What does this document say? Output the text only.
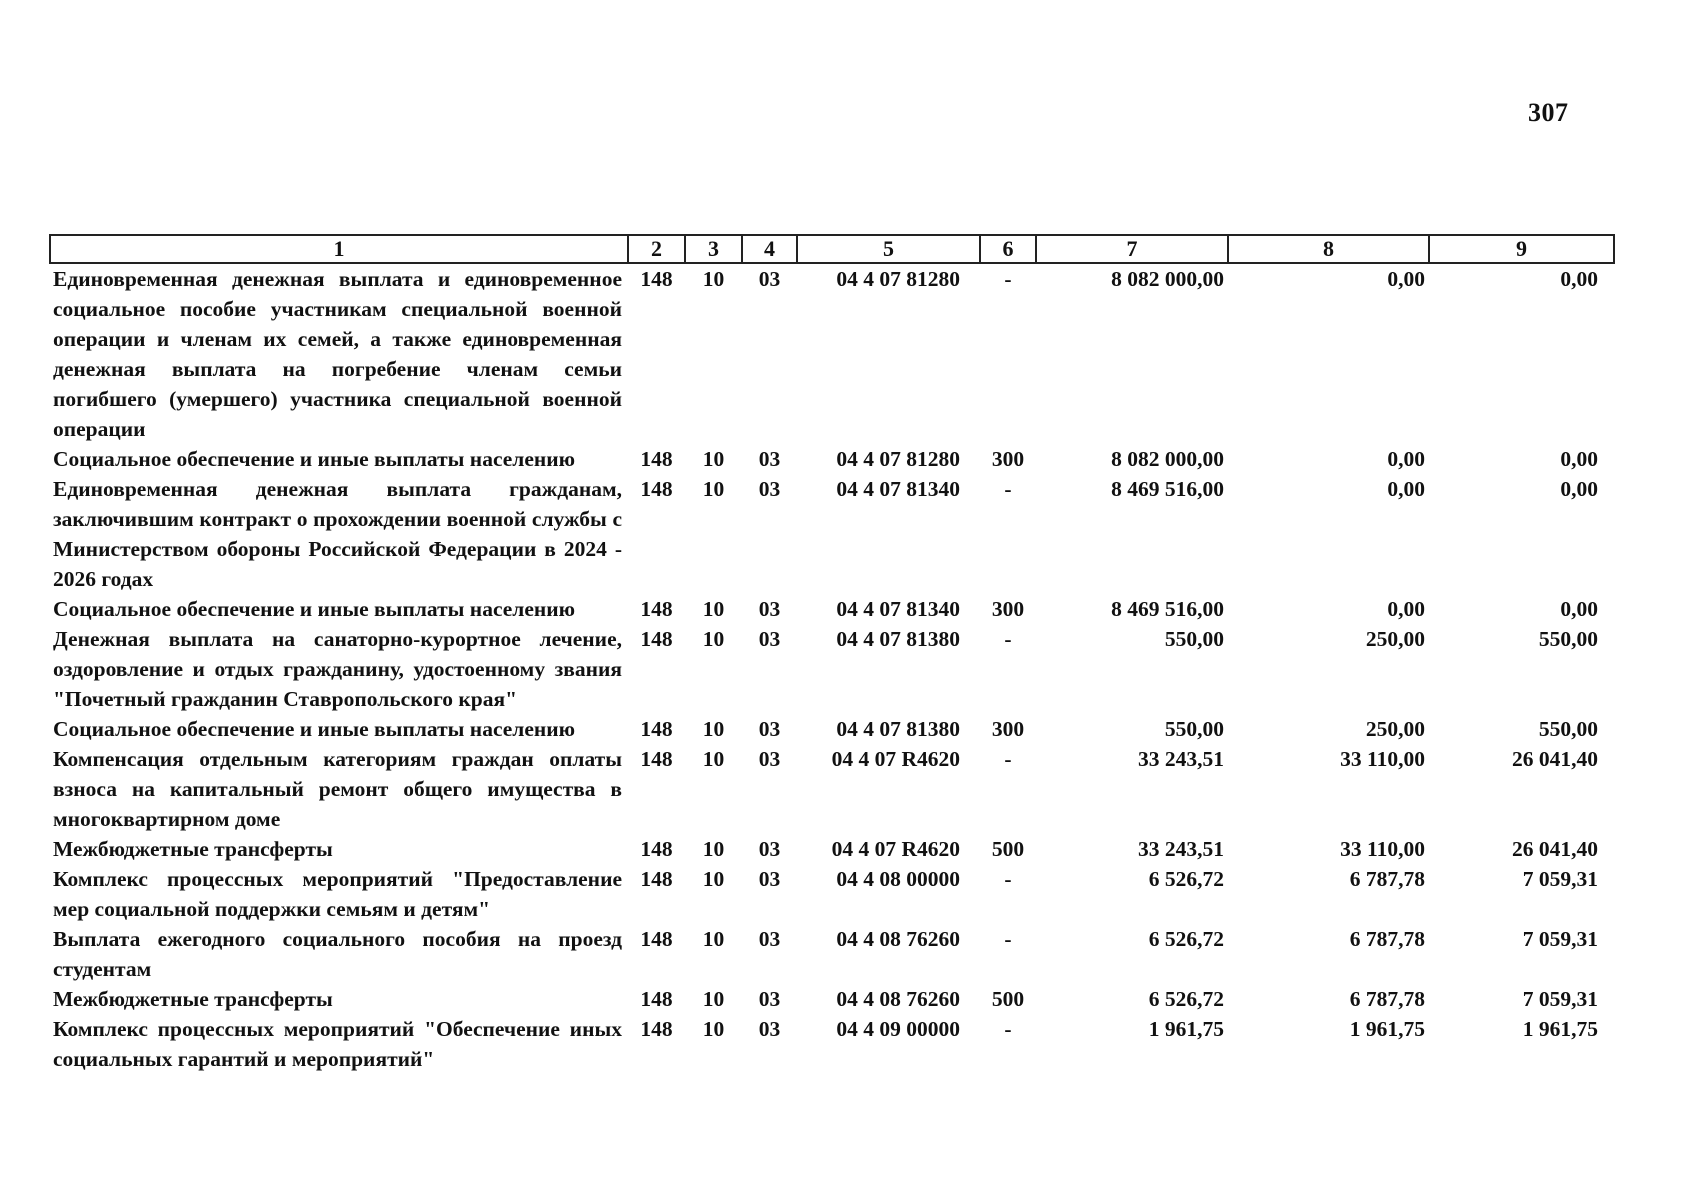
307
1	2	3	4	5	6	7	8	9
Единовременная денежная выплата и единовременное социальное пособие участникам специальной военной операции и членам их семей, а также единовременная денежная выплата на погребение членам семьи погибшего (умершего) участника специальной военной операции	148	10	03	04 4 07 81280	-	8 082 000,00	0,00	0,00
Социальное обеспечение и иные выплаты населению	148	10	03	04 4 07 81280	300	8 082 000,00	0,00	0,00
Единовременная денежная выплата гражданам, заключившим контракт о прохождении военной службы с Министерством обороны Российской Федерации в 2024 - 2026 годах	148	10	03	04 4 07 81340	-	8 469 516,00	0,00	0,00
Социальное обеспечение и иные выплаты населению	148	10	03	04 4 07 81340	300	8 469 516,00	0,00	0,00
Денежная выплата на санаторно-курортное лечение, оздоровление и отдых гражданину, удостоенному звания "Почетный гражданин Ставропольского края"	148	10	03	04 4 07 81380	-	550,00	250,00	550,00
Социальное обеспечение и иные выплаты населению	148	10	03	04 4 07 81380	300	550,00	250,00	550,00
Компенсация отдельным категориям граждан оплаты взноса на капитальный ремонт общего имущества в многоквартирном доме	148	10	03	04 4 07 R4620	-	33 243,51	33 110,00	26 041,40
Межбюджетные трансферты	148	10	03	04 4 07 R4620	500	33 243,51	33 110,00	26 041,40
Комплекс процессных мероприятий "Предоставление мер социальной поддержки семьям и детям"	148	10	03	04 4 08 00000	-	6 526,72	6 787,78	7 059,31
Выплата ежегодного социального пособия на проезд студентам	148	10	03	04 4 08 76260	-	6 526,72	6 787,78	7 059,31
Межбюджетные трансферты	148	10	03	04 4 08 76260	500	6 526,72	6 787,78	7 059,31
Комплекс процессных мероприятий "Обеспечение иных социальных гарантий и мероприятий"	148	10	03	04 4 09 00000	-	1 961,75	1 961,75	1 961,75
